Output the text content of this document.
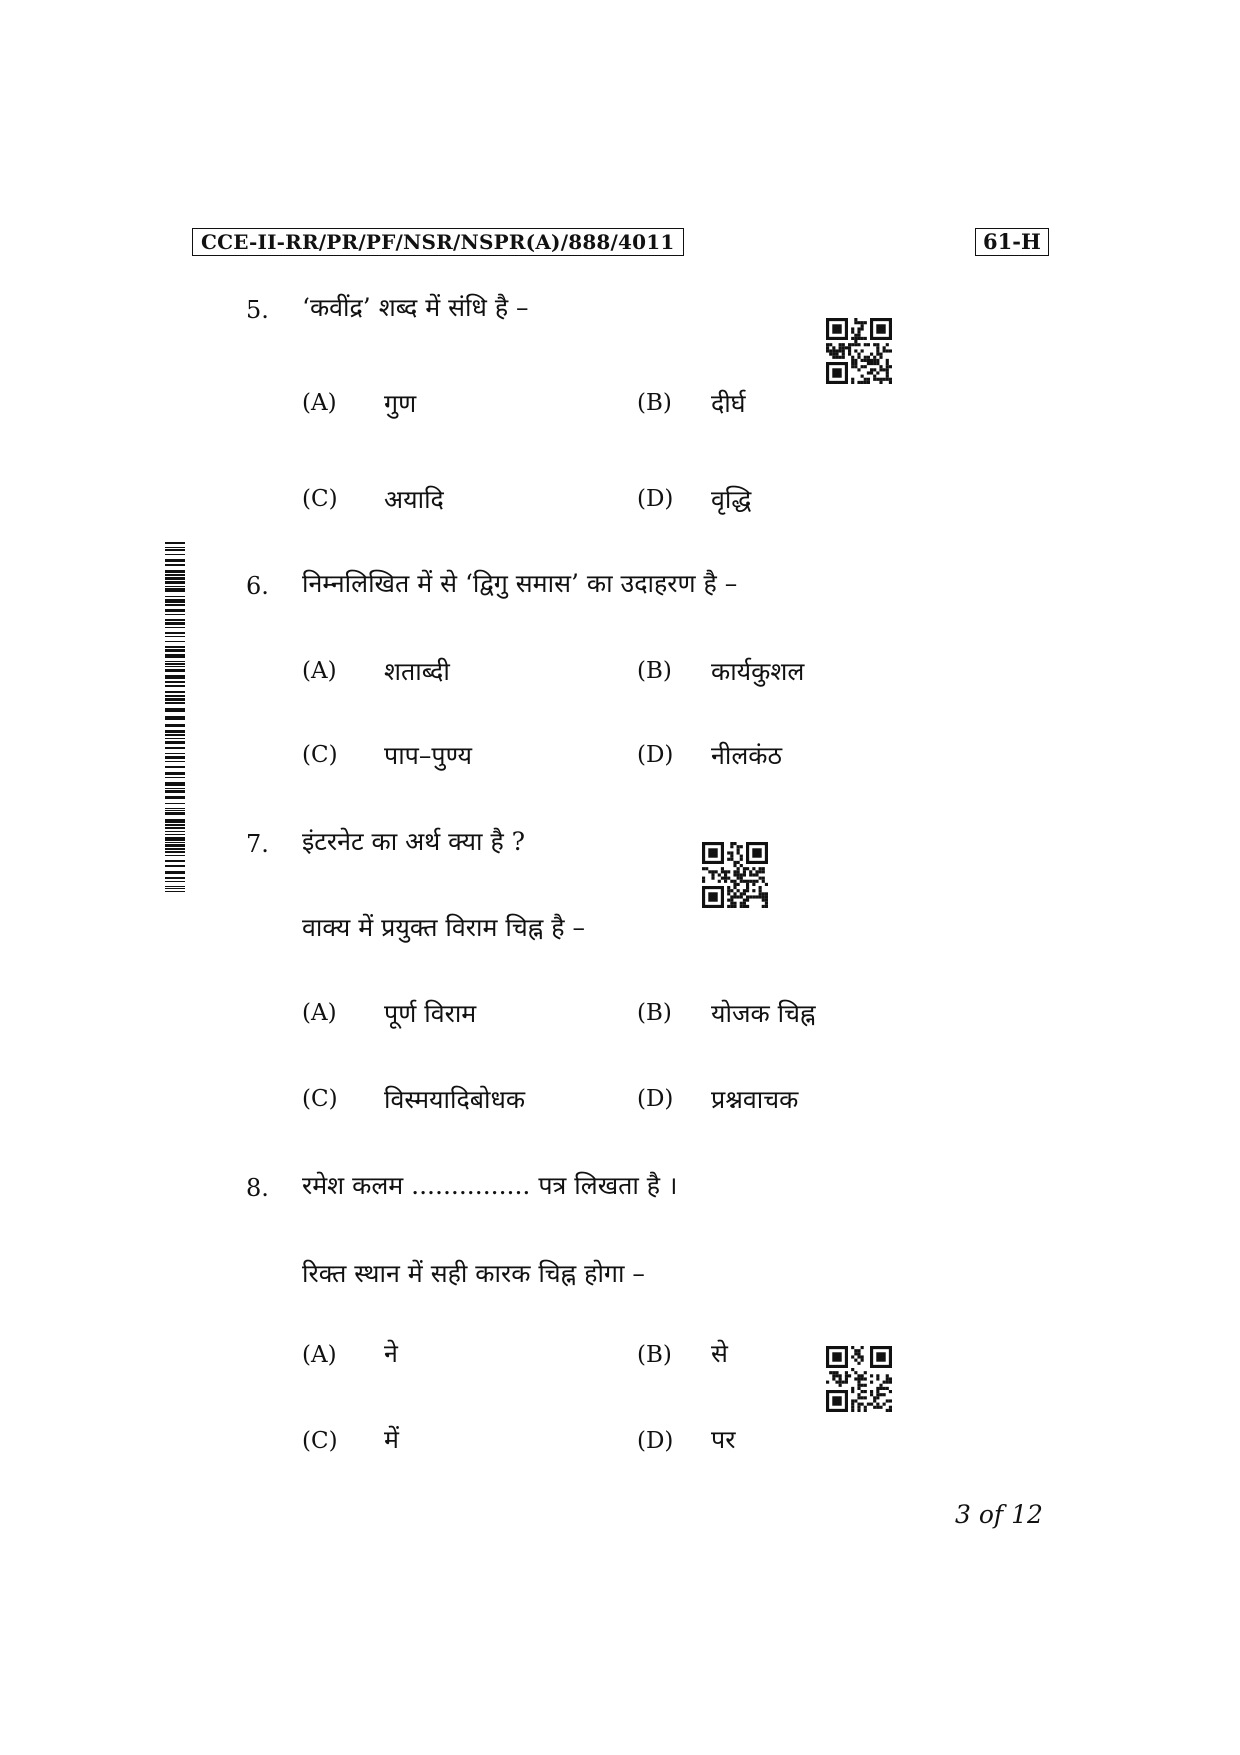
CCE-II-RR/PR/PF/NSR/NSPR(A)/888/4011	61-H
5. ‘कवींद्र’ शब्द में संधि है –
(A) गुण	(B) दीर्घ
(C) अयादि	(D) वृद्धि
6. निम्नलिखित में से ‘द्विगु समास’ का उदाहरण है –
(A) शताब्दी	(B) कार्यकुशल
(C) पाप–पुण्य	(D) नीलकंठ
7. इंटरनेट का अर्थ क्या है ?
वाक्य में प्रयुक्त विराम चिह्न है –
(A) पूर्ण विराम	(B) योजक चिह्न
(C) विस्मयादिबोधक	(D) प्रश्नवाचक
8. रमेश कलम ............... पत्र लिखता है ।
रिक्त स्थान में सही कारक चिह्न होगा –
(A) ने	(B) से
(C) में	(D) पर
3 of 12
